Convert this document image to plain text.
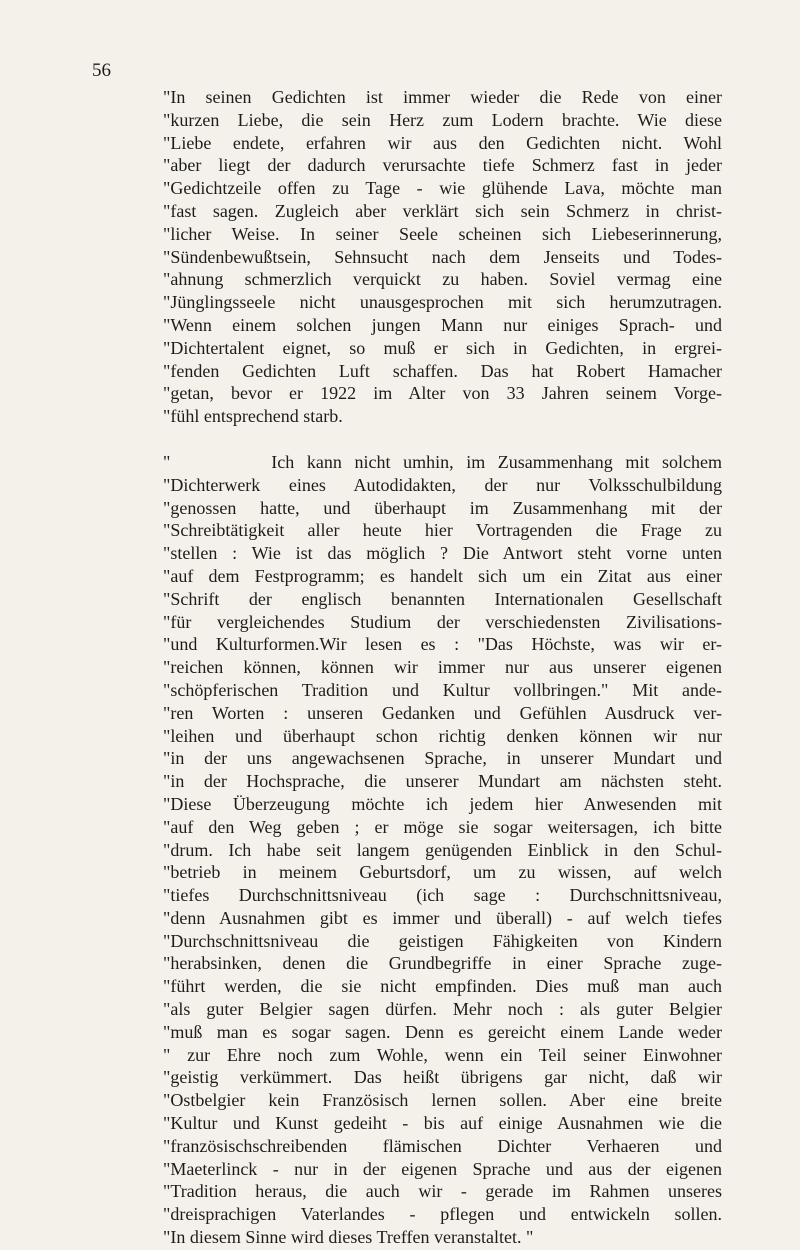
56
"In seinen Gedichten ist immer wieder die Rede von einer
"kurzen Liebe, die sein Herz zum Lodern brachte. Wie diese
"Liebe endete, erfahren wir aus den Gedichten nicht. Wohl
"aber liegt der dadurch verursachte tiefe Schmerz fast in jeder
"Gedichtzeile offen zu Tage - wie glühende Lava, möchte man
"fast sagen. Zugleich aber verklärt sich sein Schmerz in christ-
"licher Weise. In seiner Seele scheinen sich Liebeserinnerung,
"Sündenbewußtsein, Sehnsucht nach dem Jenseits und Todes-
"ahnung schmerzlich verquickt zu haben. Soviel vermag eine
"Jünglingsseele nicht unausgesprochen mit sich herumzutragen.
"Wenn einem solchen jungen Mann nur einiges Sprach- und
"Dichtertalent eignet, so muß er sich in Gedichten, in ergrei-
"fenden Gedichten Luft schaffen. Das hat Robert Hamacher
"getan, bevor er 1922 im Alter von 33 Jahren seinem Vorge-
"fühl entsprechend starb.
"        Ich kann nicht umhin, im Zusammenhang mit solchem
"Dichterwerk eines Autodidakten, der nur Volksschulbildung
"genossen hatte, und überhaupt im Zusammenhang mit der
"Schreibtätigkeit aller heute hier Vortragenden die Frage zu
"stellen : Wie ist das möglich ? Die Antwort steht vorne unten
"auf dem Festprogramm; es handelt sich um ein Zitat aus einer
"Schrift der englisch benannten Internationalen Gesellschaft
"für vergleichendes Studium der verschiedensten Zivilisations-
"und Kulturformen.Wir lesen es : "Das Höchste, was wir er-
"reichen können, können wir immer nur aus unserer eigenen
"schöpferischen Tradition und Kultur vollbringen." Mit ande-
"ren Worten : unseren Gedanken und Gefühlen Ausdruck ver-
"leihen und überhaupt schon richtig denken können wir nur
"in der uns angewachsenen Sprache, in unserer Mundart und
"in der Hochsprache, die unserer Mundart am nächsten steht.
"Diese Überzeugung möchte ich jedem hier Anwesenden mit
"auf den Weg geben ; er möge sie sogar weitersagen, ich bitte
"drum. Ich habe seit langem genügenden Einblick in den Schul-
"betrieb in meinem Geburtsdorf, um zu wissen, auf welch
"tiefes Durchschnittsniveau (ich sage : Durchschnittsniveau,
"denn Ausnahmen gibt es immer und überall) - auf welch tiefes
"Durchschnittsniveau die geistigen Fähigkeiten von Kindern
"herabsinken, denen die Grundbegriffe in einer Sprache zuge-
"führt werden, die sie nicht empfinden. Dies muß man auch
"als guter Belgier sagen dürfen. Mehr noch : als guter Belgier
"muß man es sogar sagen. Denn es gereicht einem Lande weder
" zur Ehre noch zum Wohle, wenn ein Teil seiner Einwohner
"geistig verkümmert. Das heißt übrigens gar nicht, daß wir
"Ostbelgier kein Französisch lernen sollen. Aber eine breite
"Kultur und Kunst gedeiht - bis auf einige Ausnahmen wie die
"französischschreibenden flämischen Dichter Verhaeren und
"Maeterlinck - nur in der eigenen Sprache und aus der eigenen
"Tradition heraus, die auch wir - gerade im Rahmen unseres
"dreisprachigen Vaterlandes - pflegen und entwickeln sollen.
"In diesem Sinne wird dieses Treffen veranstaltet. "
